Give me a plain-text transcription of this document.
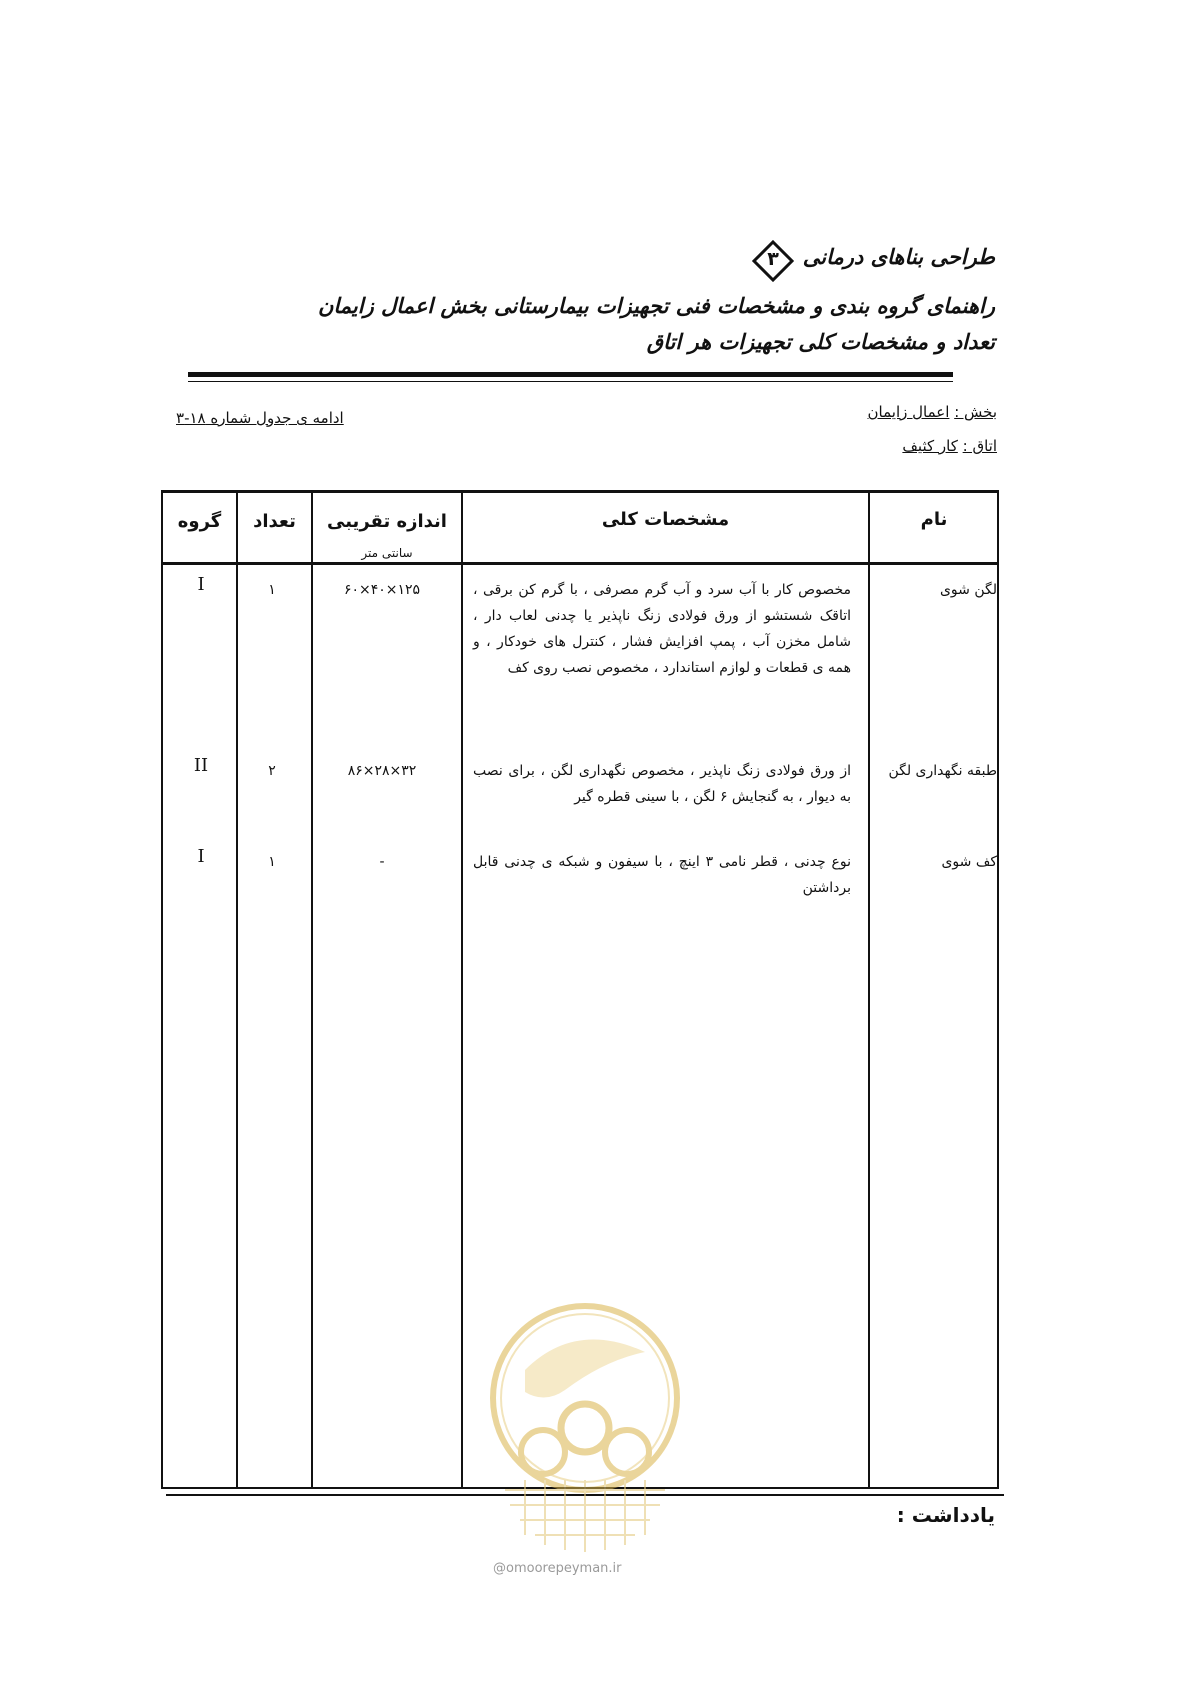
طراحی بناهای درمانی
۳
راهنمای گروه بندی و مشخصات فنی تجهیزات بیمارستانی بخش اعمال زایمان
تعداد و مشخصات کلی تجهیزات هر اتاق
بخش : اعمال زایمان
اتاق : کار کثیف
ادامه ی جدول شماره ۱۸-۳
نام
مشخصات کلی
اندازه تقریبی
سانتی متر
تعداد
گروه
لگن شوی
مخصوص کار با آب سرد و آب گرم مصرفی ، با گرم کن برقی ، اتاقک شستشو از ورق فولادی زنگ ناپذیر یا چدنی لعاب دار ، شامل مخزن آب ، پمپ افزایش فشار ، کنترل های خودکار ، و همه ی قطعات و لوازم استاندارد ، مخصوص نصب روی کف
۶۰×۴۰×۱۲۵
۱
I
طبقه نگهداری لگن
از ورق فولادی زنگ ناپذیر ، مخصوص نگهداری لگن ، برای نصب به دیوار ، به گنجایش ۶ لگن ، با سینی قطره گیر
۸۶×۲۸×۳۲
۲
II
کف شوی
نوع چدنی ، قطر نامی ۳ اینچ ، با سیفون و شبکه ی چدنی قابل برداشتن
-
۱
I
یادداشت :
@omoorepeyman.ir
